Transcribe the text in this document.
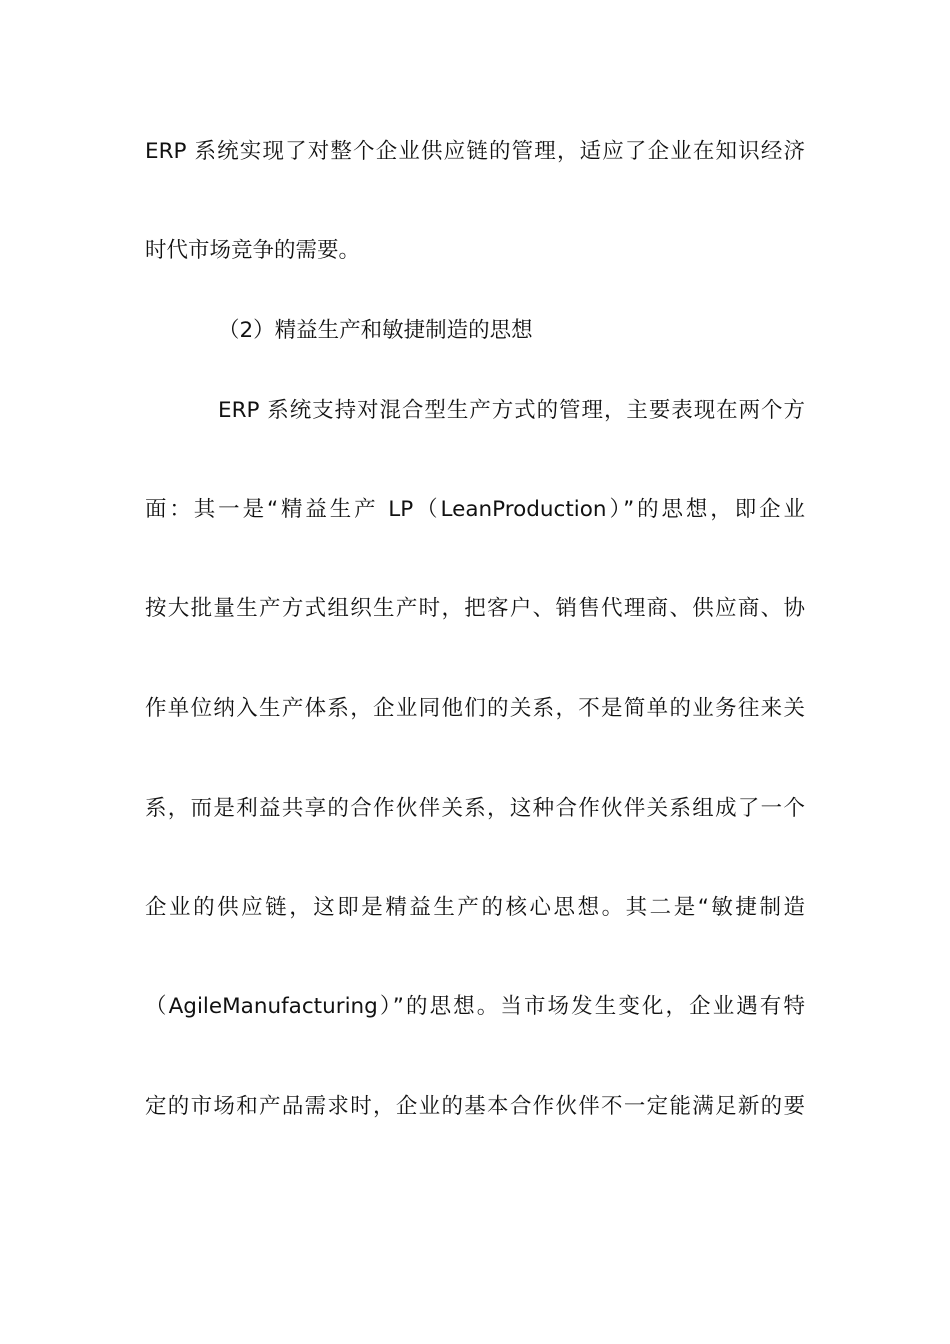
ERP 系统实现了对整个企业供应链的管理，适应了企业在知识经济
时代市场竞争的需要。
（2）精益生产和敏捷制造的思想
ERP 系统支持对混合型生产方式的管理，主要表现在两个方
面：其一是“精益生产 LP（LeanProduction）”的思想，即企业
按大批量生产方式组织生产时，把客户、销售代理商、供应商、协
作单位纳入生产体系，企业同他们的关系，不是简单的业务往来关
系，而是利益共享的合作伙伴关系，这种合作伙伴关系组成了一个
企业的供应链，这即是精益生产的核心思想。其二是“敏捷制造
（AgileManufacturing）”的思想。当市场发生变化，企业遇有特
定的市场和产品需求时，企业的基本合作伙伴不一定能满足新的要
